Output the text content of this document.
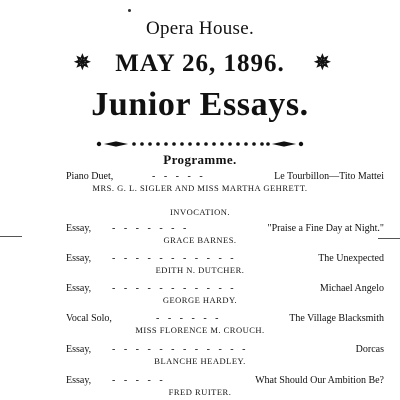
Opera House.
✵ MAY 26, 1896.	✵
Junior Essays.
Programme.
Piano Duet,	- - - - -	Le Tourbillon—Tito Mattei
MRS. G. L. SIGLER AND MISS MARTHA GEHRETT.
INVOCATION.
Essay, - - - - - - -	"Praise a Fine Day at Night."
GRACE BARNES.
Essay, - - - - - - - - - - -	The Unexpected
EDITH N. DUTCHER.
Essay, - - - - - - - - - - -	Michael Angelo
GEORGE HARDY.
Vocal Solo,	- - - - - -	The Village Blacksmith
MISS FLORENCE M. CROUCH.
Essay, - - - - - - - - - - - -	Dorcas
BLANCHE HEADLEY.
Essay, - - - - -	What Should Our Ambition Be?
FRED RUITER.
